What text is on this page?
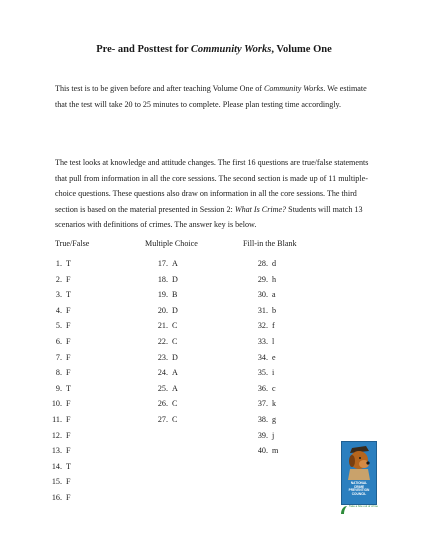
Pre- and Posttest for Community Works, Volume One
This test is to be given before and after teaching Volume One of Community Works. We estimate that the test will take 20 to 25 minutes to complete. Please plan testing time accordingly.
The test looks at knowledge and attitude changes. The first 16 questions are true/false statements that pull from information in all the core sessions. The second section is made up of 11 multiple-choice questions. These questions also draw on information in all the core sessions. The third section is based on the material presented in Session 2: What Is Crime? Students will match 13 scenarios with definitions of crimes. The answer key is below.
True/False	Multiple Choice	Fill-in the Blank
1. T
2. F
3. T
4. F
5. F
6. F
7. F
8. F
9. T
10. F
11. F
12. F
13. F
14. T
15. F
16. F
17. A
18. D
19. B
20. D
21. C
22. C
23. D
24. A
25. A
26. C
27. C
28. d
29. h
30. a
31. b
32. f
33. l
34. e
35. i
36. c
37. k
38. g
39. j
40. m
NATIONAL
CRIME
PREVENTION
COUNCIL
Take a bite out of crime
